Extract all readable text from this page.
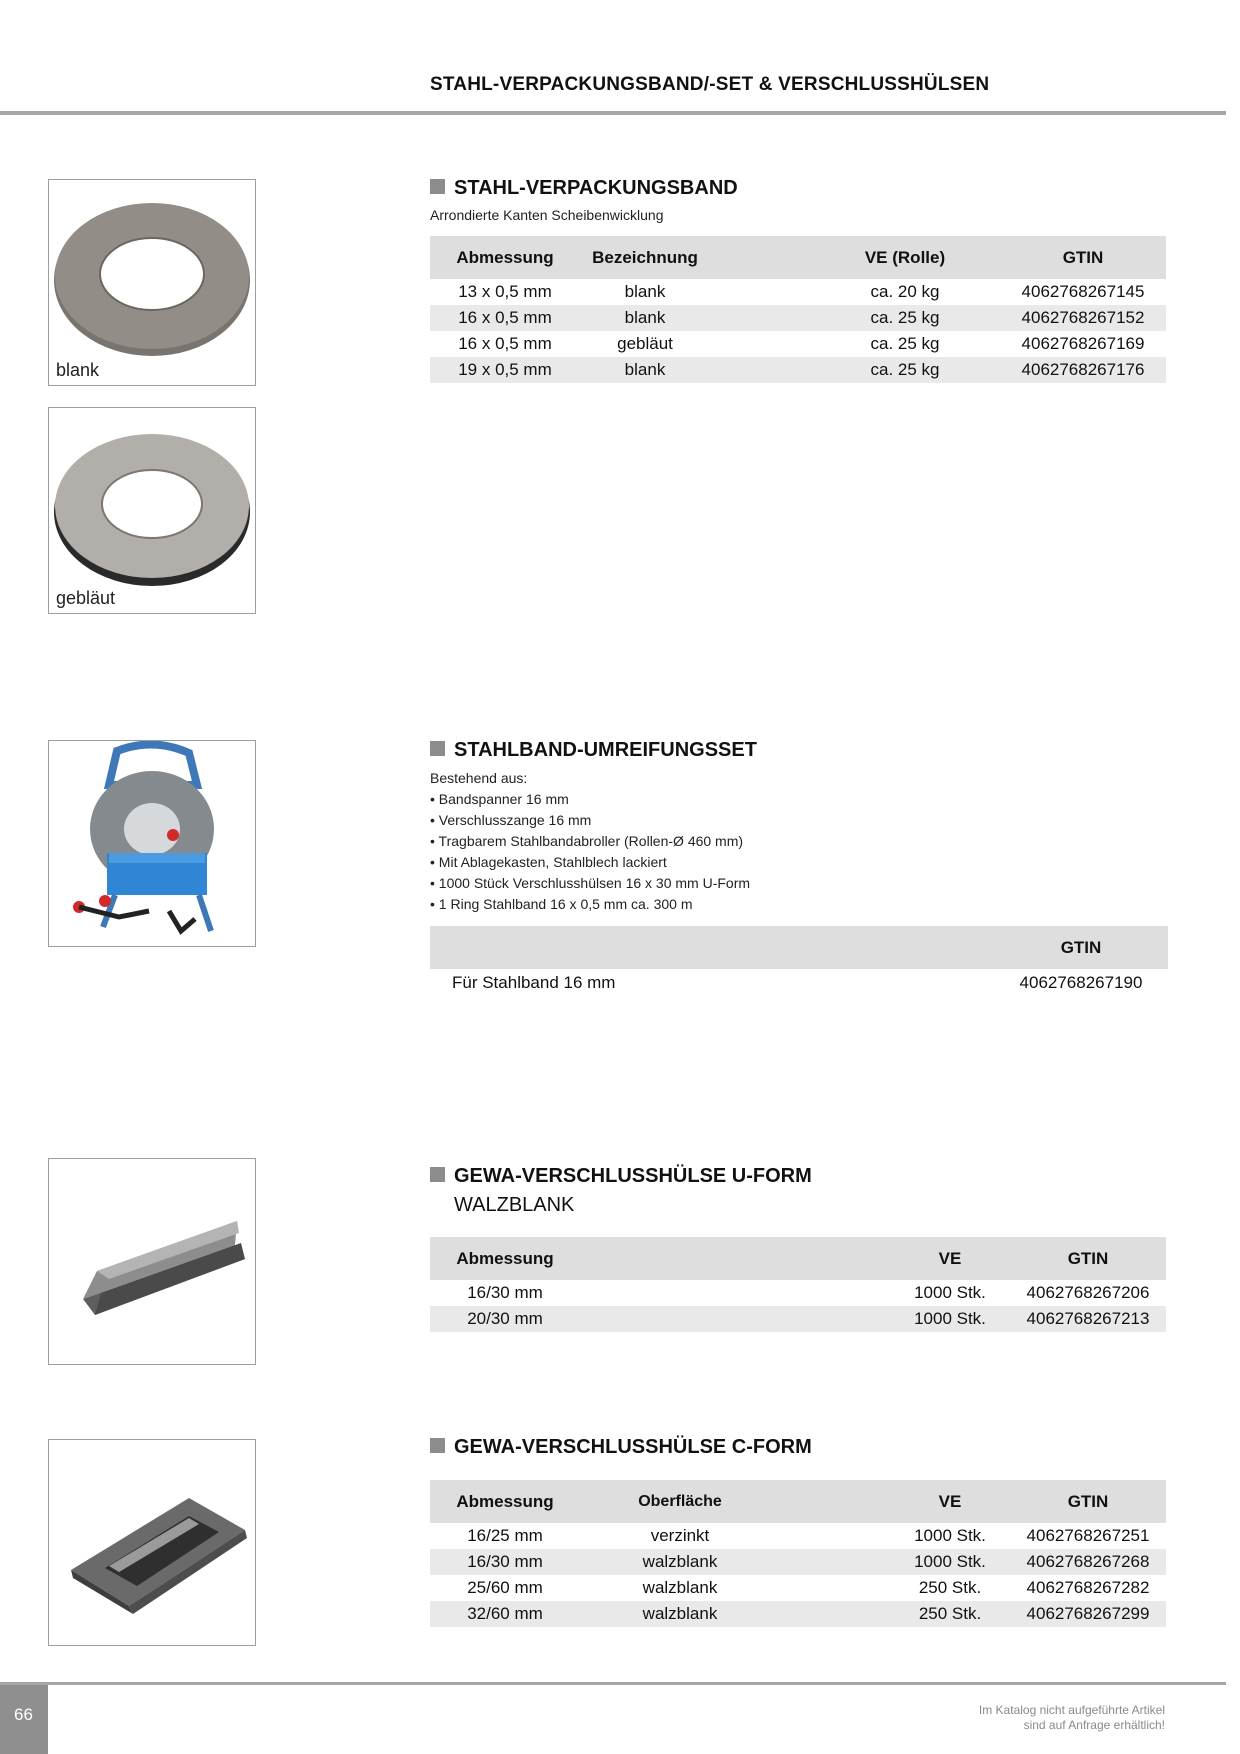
STAHL-VERPACKUNGSBAND/-SET & VERSCHLUSSHÜLSEN
blank
gebläut
STAHL-VERPACKUNGSBAND
Arrondierte Kanten Scheibenwicklung
Abmessung	Bezeichnung		VE (Rolle)	GTIN
13 x 0,5 mm	blank		ca. 20 kg	4062768267145
16 x 0,5 mm	blank		ca. 25 kg	4062768267152
16 x 0,5 mm	gebläut		ca. 25 kg	4062768267169
19 x 0,5 mm	blank		ca. 25 kg	4062768267176
STAHLBAND-UMREIFUNGSSET
Bestehend aus:
• Bandspanner 16 mm
• Verschlusszange 16 mm
• Tragbarem Stahlbandabroller (Rollen-Ø 460 mm)
• Mit Ablagekasten, Stahlblech lackiert
• 1000 Stück Verschlusshülsen 16 x 30 mm U-Form
• 1 Ring Stahlband 16 x 0,5 mm ca. 300 m
	GTIN
Für Stahlband 16 mm	4062768267190
GEWA-VERSCHLUSSHÜLSE U-FORM
WALZBLANK
Abmessung		VE	GTIN
16/30 mm		1000 Stk.	4062768267206
20/30 mm		1000 Stk.	4062768267213
GEWA-VERSCHLUSSHÜLSE C-FORM
Abmessung	Oberfläche		VE	GTIN
16/25 mm	verzinkt		1000 Stk.	4062768267251
16/30 mm	walzblank		1000 Stk.	4062768267268
25/60 mm	walzblank		250 Stk.	4062768267282
32/60 mm	walzblank		250 Stk.	4062768267299
66	Im Katalog nicht aufgeführte Artikel
sind auf Anfrage erhältlich!
